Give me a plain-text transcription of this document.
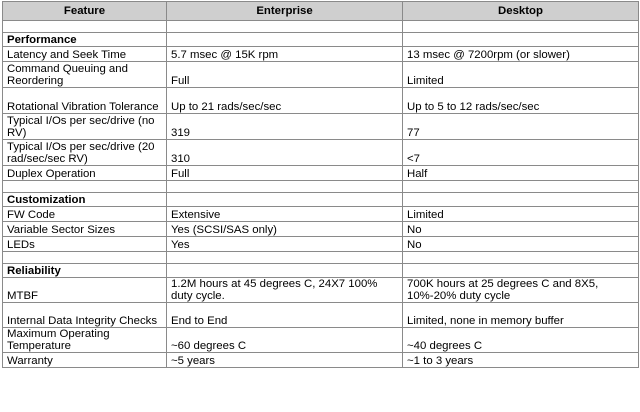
Feature	Enterprise	Desktop

Performance		
Latency and Seek Time	5.7 msec @ 15K rpm	13 msec @ 7200rpm (or slower)
Command Queuing and Reordering	Full	Limited
Rotational Vibration Tolerance	Up to 21 rads/sec/sec	Up to 5 to 12 rads/sec/sec
Typical I/Os per sec/drive (no RV)	319	77
Typical I/Os per sec/drive (20 rad/sec/sec RV)	310	<7
Duplex Operation	Full	Half

Customization		
FW Code	Extensive	Limited
Variable Sector Sizes	Yes (SCSI/SAS only)	No
LEDs	Yes	No

Reliability		
MTBF	1.2M hours at 45 degrees C, 24X7 100% duty cycle.	700K hours at 25 degrees C and 8X5, 10%-20% duty cycle
Internal Data Integrity Checks	End to End	Limited, none in memory buffer
Maximum Operating Temperature	~60 degrees C	~40 degrees C
Warranty	~5 years	~1 to 3 years
